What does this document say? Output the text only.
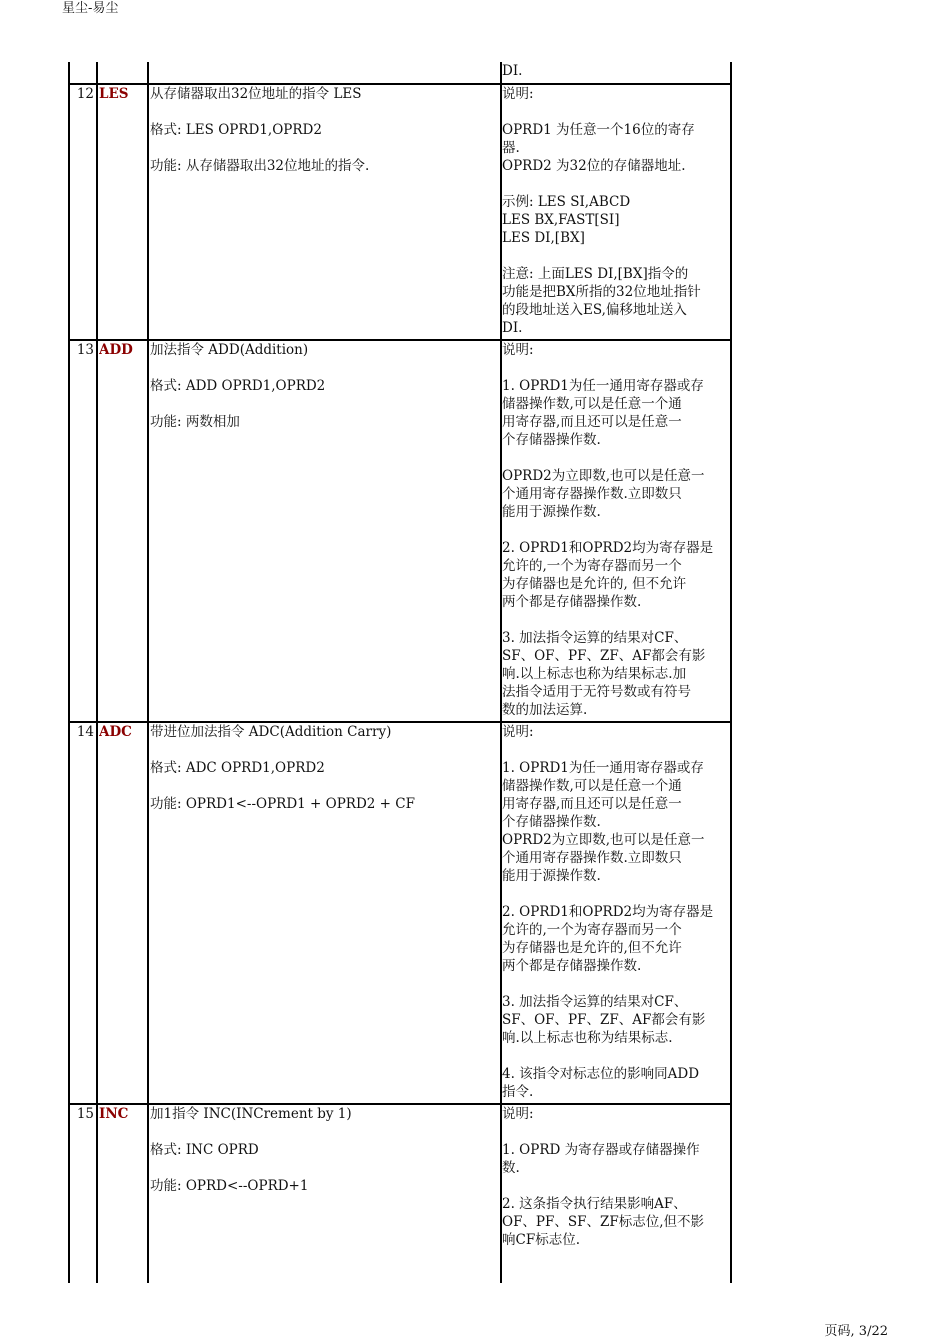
星尘-易尘
DI.
12 LES	从存储器取出32位地址的指令 LES
格式: LES OPRD1,OPRD2
功能: 从存储器取出32位地址的指令.
说明:
OPRD1 为任意一个16位的寄存
器.
OPRD2 为32位的存储器地址.
示例: LES SI,ABCD
LES BX,FAST[SI]
LES DI,[BX]
注意: 上面LES DI,[BX]指令的
功能是把BX所指的32位地址指针
的段地址送入ES,偏移地址送入
DI.
13 ADD	加法指令 ADD(Addition)
格式: ADD OPRD1,OPRD2
功能: 两数相加
说明:
1. OPRD1为任一通用寄存器或存
储器操作数,可以是任意一个通
用寄存器,而且还可以是任意一
个存储器操作数.
OPRD2为立即数,也可以是任意一
个通用寄存器操作数.立即数只
能用于源操作数.
2. OPRD1和OPRD2均为寄存器是
允许的,一个为寄存器而另一个
为存储器也是允许的, 但不允许
两个都是存储器操作数.
3. 加法指令运算的结果对CF、
SF、OF、PF、ZF、AF都会有影
响.以上标志也称为结果标志.加
法指令适用于无符号数或有符号
数的加法运算.
14 ADC	带进位加法指令 ADC(Addition Carry)
格式: ADC OPRD1,OPRD2
功能: OPRD1<--OPRD1 + OPRD2 + CF
说明:
1. OPRD1为任一通用寄存器或存
储器操作数,可以是任意一个通
用寄存器,而且还可以是任意一
个存储器操作数.
OPRD2为立即数,也可以是任意一
个通用寄存器操作数.立即数只
能用于源操作数.
2. OPRD1和OPRD2均为寄存器是
允许的,一个为寄存器而另一个
为存储器也是允许的,但不允许
两个都是存储器操作数.
3. 加法指令运算的结果对CF、
SF、OF、PF、ZF、AF都会有影
响.以上标志也称为结果标志.
4. 该指令对标志位的影响同ADD
指令.
15 INC	加1指令 INC(INCrement by 1)
格式: INC OPRD
功能: OPRD<--OPRD+1
说明:
1. OPRD 为寄存器或存储器操作
数.
2. 这条指令执行结果影响AF、
OF、PF、SF、ZF标志位,但不影
响CF标志位.
页码, 3/22
